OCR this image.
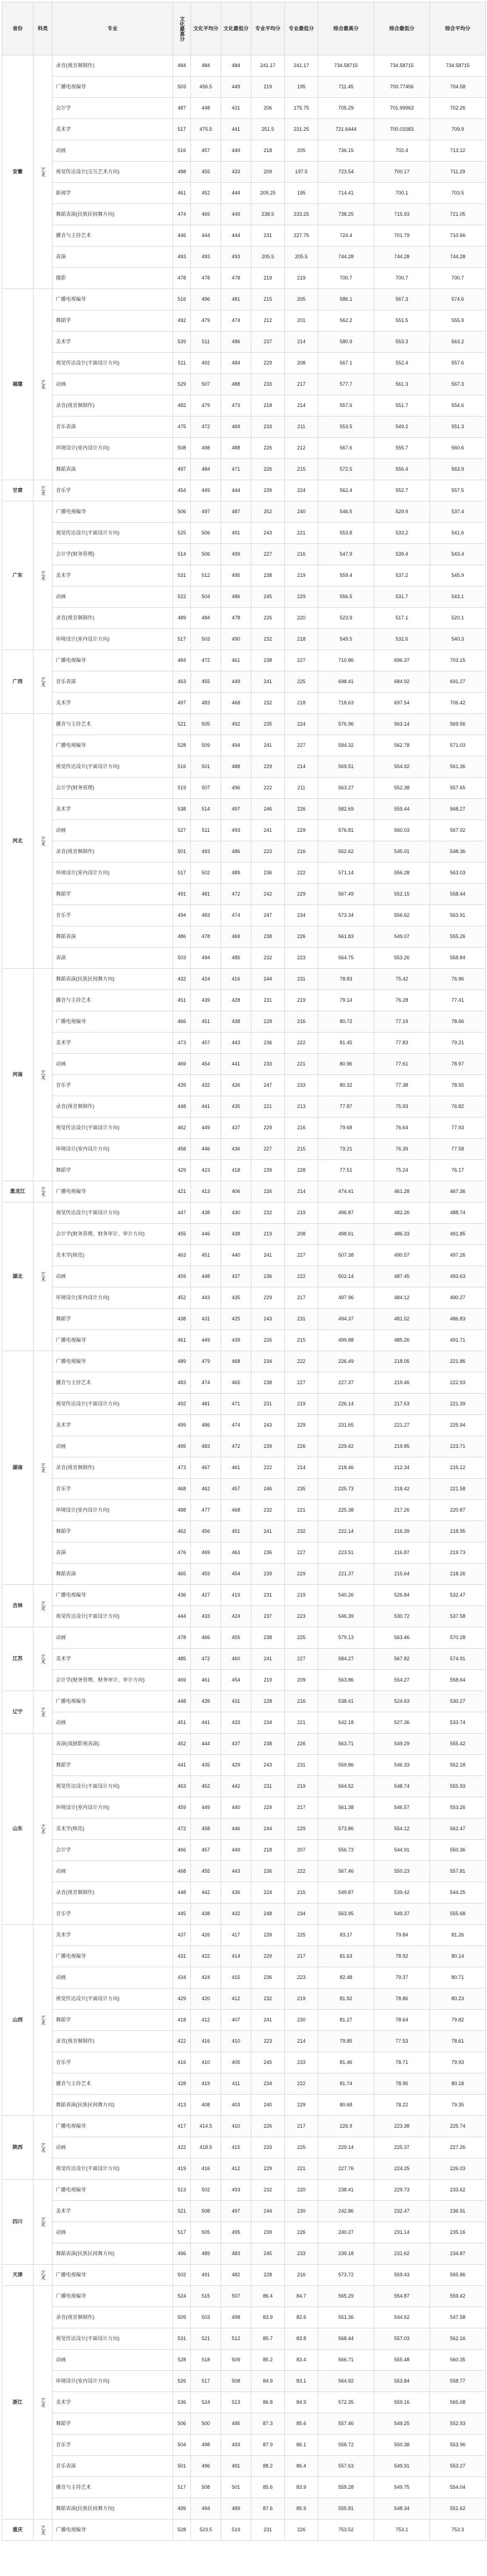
省份	科类	专业	文化最高分	文化平均分	文化最低分	专业平均分	专业最低分	综合最高分	综合最低分	综合平均分
安徽	艺术	录音(视音频制作)	484	484	484	241.17	241.17	734.58715	734.58715	734.58715
		广播电视编导	503	456.5	449	219	195	711.45	700.77456	704.58
		会计学	487	448	431	206	175.75	705.29	701.99963	702.26
		美术学	517	475.5	441	251.5	231.25	721.6444	700.01583	709.9
		动画	516	457	449	218	205	736.15	702.4	713.12
		视觉传达设计(交互艺术方向)	488	455	433	209	197.5	723.54	700.17	711.29
		新闻学	461	452	444	209.25	195	714.41	700.1	703.5
		舞蹈表演(民族民间舞方向)	474	465	449	238.5	233.25	738.25	715.93	721.05
		播音与主持艺术	446	444	444	231	227.75	724.4	701.79	710.66
		表演	493	493	493	205.5	205.5	744.28	744.28	744.28
		摄影	478	478	478	219	219	700.7	700.7	700.7
福建	艺术	广播电视编导	516	496	481	215	205	586.1	567.3	574.6
		舞蹈学	492	479	474	212	201	562.2	551.5	555.9
		美术学	539	511	486	237	214	580.9	553.3	563.2
		视觉传达设计(平面设计方向)	511	492	484	229	208	567.1	552.4	557.6
		动画	529	507	488	233	217	577.7	561.3	567.3
		录音(视音频制作)	482	479	473	218	214	557.6	551.7	554.6
		音乐表演	475	472	469	233	211	553.5	549.2	551.3
		环境设计(室内设计方向)	508	498	488	226	212	567.6	555.7	560.6
		舞蹈表演	497	484	471	226	215	572.5	556.4	563.9
甘肃	艺术	音乐学	454	449	444	239	224	562.4	552.7	557.5
广东	艺术	广播电视编导	506	497	487	252	240	546.5	529.9	537.4
		视觉传达设计(平面设计方向)	525	506	491	243	221	553.8	533.2	541.6
		会计学(财务管理)	514	506	499	227	216	547.9	539.4	543.4
		美术学	531	512	495	238	219	559.4	537.2	545.9
		动画	522	504	486	245	229	556.5	531.7	543.1
		录音(视音频制作)	489	484	478	226	220	523.9	517.1	520.1
		环境设计(室内设计方向)	517	503	490	232	218	549.5	532.6	540.3
广西	艺术	广播电视编导	484	472	461	238	227	710.86	696.37	703.15
		音乐表演	463	455	449	241	225	698.41	684.92	691.27
		美术学	497	483	468	232	218	718.63	697.54	706.42
河北	艺术	播音与主持艺术	521	505	492	235	224	576.96	563.14	569.56
		广播电视编导	528	509	494	241	227	584.32	562.78	571.03
		视觉传达设计(平面设计方向)	516	501	488	229	214	569.51	554.92	561.36
		会计学(财务管理)	519	507	496	222	211	563.27	552.38	557.65
		美术学	538	514	497	246	226	582.69	559.44	568.27
		动画	527	511	493	241	229	576.81	560.03	567.92
		录音(视音频制作)	501	493	486	223	216	552.62	545.01	548.36
		环境设计(室内设计方向)	517	502	489	236	222	571.14	556.28	563.03
		舞蹈学	491	481	472	242	229	567.49	552.15	558.44
		音乐学	494	483	474	247	234	573.34	556.62	563.91
		舞蹈表演	486	478	469	238	226	561.83	549.07	555.26
		表演	503	494	485	232	223	564.75	553.26	558.84
河南	艺术	舞蹈表演(民族民间舞方向)	432	424	416	244	231	78.83	75.42	76.96
		播音与主持艺术	451	439	428	231	219	79.14	76.28	77.41
		广播电视编导	466	451	438	228	216	80.72	77.19	78.66
		美术学	473	457	443	236	222	81.45	77.83	79.21
		动画	469	454	441	233	221	80.96	77.61	78.97
		音乐学	439	432	426	247	233	80.32	77.38	78.55
		录音(视音频制作)	448	441	435	221	213	77.87	75.93	76.82
		视觉传达设计(平面设计方向)	462	449	437	229	216	79.68	76.64	77.93
		环境设计(室内设计方向)	458	446	436	227	215	79.21	76.39	77.58
		舞蹈学	429	423	418	239	228	77.51	75.24	76.17
黑龙江	艺术	广播电视编导	421	413	406	226	214	474.41	461.28	467.36
湖北	艺术	视觉传达设计(平面设计方向)	447	438	430	232	219	496.87	482.26	488.74
		会计学(财务管理、财务审计、审计方向)	455	446	438	219	208	498.61	486.33	491.85
		美术学(师范)	463	451	440	241	227	507.38	490.57	497.26
		动画	459	448	437	236	222	502.14	487.45	493.63
		环境设计(室内设计方向)	452	443	435	229	217	497.96	484.12	490.27
		舞蹈学	438	431	425	243	231	494.37	481.52	486.83
		广播电视编导	461	449	439	226	215	499.88	485.26	491.71
湖南	艺术	广播电视编导	489	479	468	234	222	226.49	218.05	221.86
		播音与主持艺术	483	474	465	238	227	227.37	219.46	222.93
		视觉传达设计(平面设计方向)	492	481	471	231	219	226.14	217.63	221.39
		美术学	499	486	474	243	229	231.65	221.27	225.94
		动画	495	483	472	239	226	229.42	219.85	223.71
		录音(视音频制作)	473	467	461	222	214	218.46	212.34	215.12
		音乐学	468	462	457	246	235	225.73	218.42	221.58
		环境设计(室内设计方向)	488	477	468	232	221	225.38	217.26	220.87
		舞蹈学	462	456	451	241	232	222.14	216.39	218.95
		表演	476	469	463	236	227	223.51	216.87	219.73
		舞蹈表演	465	459	454	239	229	221.37	215.64	218.26
吉林	艺术	广播电视编导	436	427	419	231	219	540.26	526.84	532.47
		视觉传达设计(平面设计方向)	444	433	424	237	223	546.39	530.72	537.58
江苏	艺术	动画	478	466	455	238	225	579.13	563.46	570.28
		美术学	485	472	460	241	227	584.27	567.82	574.91
		会计学(财务管理、财务审计、审计方向)	469	461	454	219	209	563.86	554.27	558.64
辽宁	艺术	广播电视编导	448	439	431	228	216	538.41	524.63	530.27
		动画	451	441	433	234	221	542.18	527.36	533.74
山东	艺术	表演(戏剧影视表演)	452	444	437	238	226	563.71	549.29	555.42
		舞蹈学	441	435	429	243	231	559.86	546.33	552.18
		视觉传达设计(平面设计方向)	463	452	442	231	219	564.52	548.74	555.93
		环境设计(室内设计方向)	459	449	440	229	217	561.38	546.57	553.26
		美术学(师范)	472	458	446	244	229	573.86	554.12	562.47
		会计学	466	457	449	218	207	556.73	544.91	550.36
		动画	468	455	443	236	222	567.46	550.23	557.81
		录音(视音频制作)	448	442	436	224	215	549.87	539.42	544.25
		音乐学	445	438	432	248	234	563.95	549.37	555.68
山西	艺术	美术学	437	426	417	239	225	83.17	79.84	81.26
		广播电视编导	431	422	414	229	217	81.63	78.92	80.14
		动画	434	424	415	236	223	82.48	79.37	80.71
		视觉传达设计(平面设计方向)	429	420	412	232	219	81.92	78.86	80.23
		舞蹈学	418	412	407	241	230	81.27	78.64	79.82
		录音(视音频制作)	422	416	410	223	214	79.85	77.53	78.61
		音乐学	416	410	405	245	233	81.46	78.71	79.93
		播音与主持艺术	428	419	411	234	222	81.74	78.95	80.18
		舞蹈表演(民族民间舞方向)	413	408	403	240	229	80.68	78.22	79.35
陕西	艺术	广播电视编导	417	414.5	410	226	217	226.9	223.38	225.74
		动画	422	418.5	415	233	225	229.14	225.37	227.26
		视觉传达设计(平面设计方向)	419	416	412	229	221	227.76	224.25	226.03
四川	艺术	广播电视编导	513	502	493	232	220	238.41	229.73	233.62
		美术学	521	508	497	244	230	242.86	232.47	236.91
		动画	517	505	495	239	226	240.27	231.14	235.16
		舞蹈表演(民族民间舞方向)	496	489	483	245	233	239.18	231.62	234.87
天津	艺术	广播电视编导	502	491	482	228	216	573.72	559.43	565.86
浙江	艺术	广播电视编导	524	515	507	86.4	84.7	565.29	554.87	559.42
		录音(视音频制作)	509	503	498	83.9	82.6	551.36	544.62	547.58
		视觉传达设计(平面设计方向)	531	521	512	85.7	83.8	568.44	557.03	562.16
		动画	528	518	509	85.2	83.4	566.71	555.48	560.35
		环境设计(室内设计方向)	526	517	508	84.9	83.1	564.92	553.84	558.77
		美术学	536	524	513	86.8	84.9	572.35	559.16	565.08
		舞蹈学	506	500	495	87.3	85.6	557.46	549.25	552.93
		音乐学	504	498	493	87.9	86.1	558.72	550.38	553.96
		音乐表演	501	496	491	88.2	86.4	557.63	549.91	553.27
		播音与主持艺术	517	508	501	85.6	83.9	559.28	549.75	554.04
		舞蹈表演(民族民间舞方向)	499	494	489	87.6	85.9	555.81	548.34	551.62
重庆	艺术	广播电视编导	528	523.5	519	231	226	753.52	753.1	753.3
